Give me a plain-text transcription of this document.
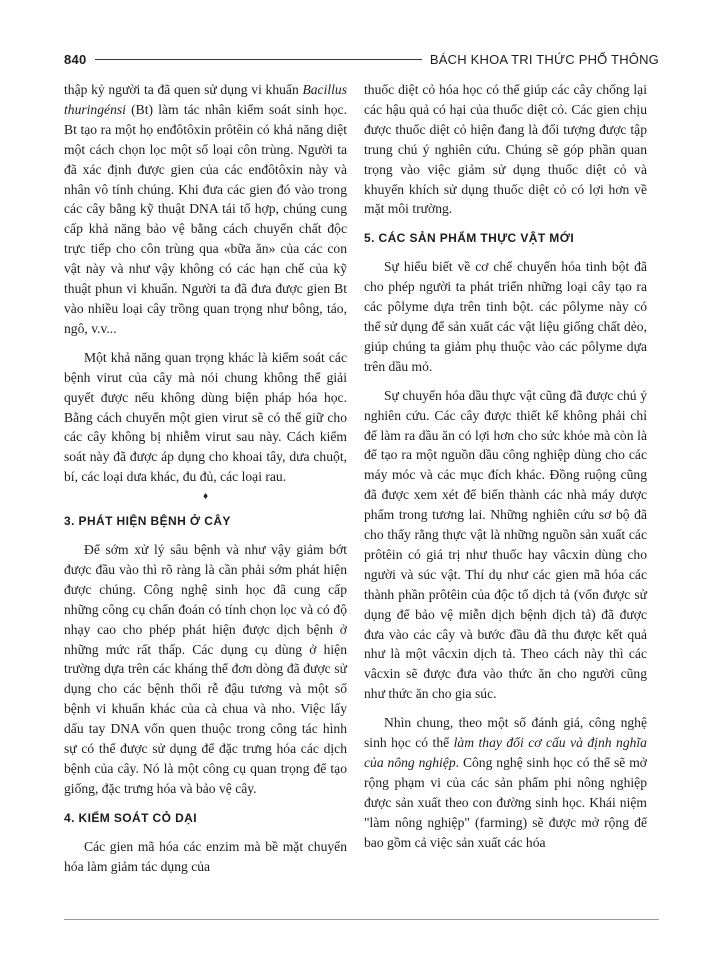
840	BÁCH KHOA TRI THỨC PHỔ THÔNG

thập kỷ người ta đã quen sử dụng vi khuẩn Bacillus thuringénsi (Bt) làm tác nhân kiểm soát sinh học. Bt tạo ra một họ enđôtôxin prôtêin có khả năng diệt một cách chọn lọc một số loại côn trùng. Người ta đã xác định được gien của các enđôtôxin này và nhân vô tính chúng. Khi đưa các gien đó vào trong các cây bằng kỹ thuật DNA tái tổ hợp, chúng cung cấp khả năng bảo vệ bằng cách chuyển chất độc trực tiếp cho côn trùng qua «bữa ăn» của các con vật này và như vậy không có các hạn chế của kỹ thuật phun vi khuẩn. Người ta đã đưa được gien Bt vào nhiều loại cây trồng quan trọng như bông, táo, ngô, v.v...

Một khả năng quan trọng khác là kiểm soát các bệnh virut của cây mà nói chung không thể giải quyết được nếu không dùng biện pháp hóa học. Bằng cách chuyển một gien virut sẽ có thể giữ cho các cây không bị nhiễm virut sau này. Cách kiểm soát này đã được áp dụng cho khoai tây, dưa chuột, bí, các loại dưa khác, đu đủ, các loại rau.

♦
3. PHÁT HIỆN BỆNH Ở CÂY

Để sớm xử lý sâu bệnh và như vậy giảm bớt được đầu vào thì rõ ràng là cần phải sớm phát hiện được chúng. Công nghệ sinh học đã cung cấp những công cụ chẩn đoán có tính chọn lọc và có độ nhạy cao cho phép phát hiện được dịch bệnh ở những mức rất thấp. Các dụng cụ dùng ở hiện trường dựa trên các kháng thể đơn dòng đã được sử dụng cho các bệnh thối rễ đậu tương và một số bệnh vi khuẩn khác của cà chua và nho. Việc lấy dấu tay DNA vốn quen thuộc trong công tác hình sự có thể được sử dụng để đặc trưng hóa các dịch bệnh của cây. Nó là một công cụ quan trọng để tạo giống, đặc trưng hóa và bảo vệ cây.

4. KIỂM SOÁT CỎ DẠI

Các gien mã hóa các enzim mà bề mặt chuyển hóa làm giảm tác dụng của

thuốc diệt cỏ hóa học có thể giúp các cây chống lại các hậu quả có hại của thuốc diệt cỏ. Các gien chịu được thuốc diệt cỏ hiện đang là đối tượng được tập trung chú ý nghiên cứu. Chúng sẽ góp phần quan trọng vào việc giảm sử dụng thuốc diệt cỏ và khuyến khích sử dụng thuốc diệt cỏ có lợi hơn về mặt môi trường.

5. CÁC SẢN PHẨM THỰC VẬT MỚI

Sự hiểu biết về cơ chế chuyển hóa tinh bột đã cho phép người ta phát triển những loại cây tạo ra các pôlyme dựa trên tinh bột. các pôlyme này có thể sử dụng để sản xuất các vật liệu giống chất dẻo, giúp chúng ta giảm phụ thuộc vào các pôlyme dựa trên dầu mỏ.

Sự chuyển hóa dầu thực vật cũng đã được chú ý nghiên cứu. Các cây được thiết kế không phải chỉ để làm ra dầu ăn có lợi hơn cho sức khỏe mà còn là để tạo ra một nguồn dầu công nghiệp dùng cho các máy móc và các mục đích khác. Đồng ruộng cũng đã được xem xét để biến thành các nhà máy dược phẩm trong tương lai. Những nghiên cứu sơ bộ đã cho thấy rằng thực vật là những nguồn sản xuất các prôtêin có giá trị như thuốc hay vâcxin dùng cho người và súc vật. Thí dụ như các gien mã hóa các thành phần prôtêin của độc tố dịch tả (vốn được sử dụng để bảo vệ miễn dịch bệnh dịch tả) đã được đưa vào các cây và bước đầu đã thu được kết quả như là một vâcxin dịch tả. Theo cách này thì các vâcxin sẽ được đưa vào thức ăn cho người cũng như thức ăn cho gia súc.

Nhìn chung, theo một số đánh giá, công nghệ sinh học có thể làm thay đổi cơ cấu và định nghĩa của nông nghiệp. Công nghệ sinh học có thể sẽ mở rộng phạm vi của các sản phẩm phi nông nghiệp được sản xuất theo con đường sinh học. Khái niệm "làm nông nghiệp" (farming) sẽ được mở rộng để bao gồm cả việc sản xuất các hóa
